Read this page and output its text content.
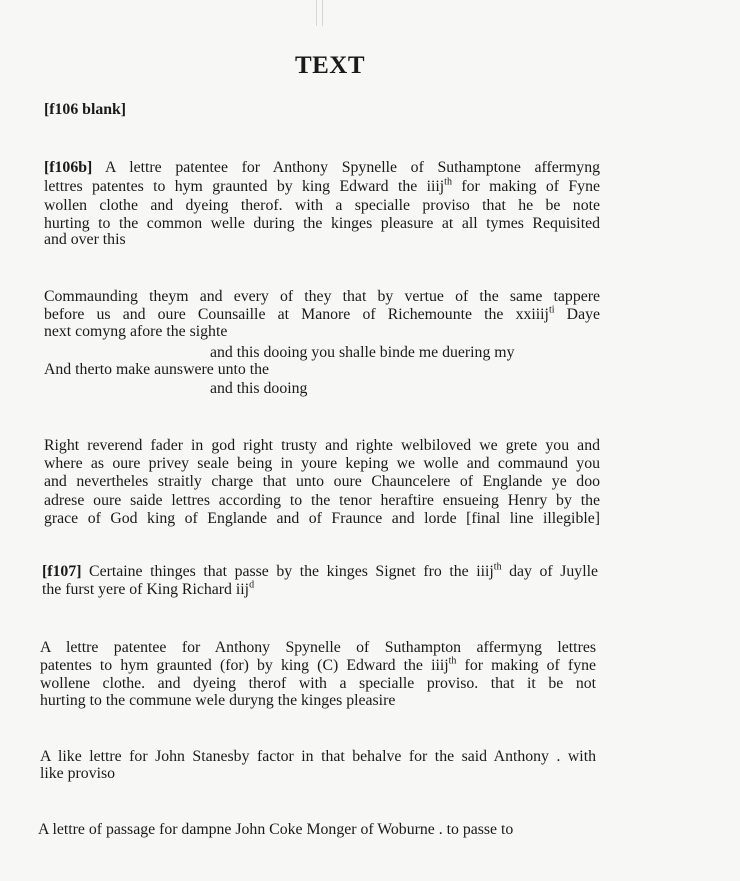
TEXT
[f106 blank]
[f106b] A lettre patentee for Anthony Spynelle of Suthamptone affermyng
lettres patentes to hym graunted by king Edward the iiij$^{th}$ for making of Fyne
wollen clothe and dyeing therof. with a specialle proviso that he be note
hurting to the common welle during the kinges pleasure at all tymes Requisited
and over this
Commaunding theym and every of they that by vertue of the same tappere
before us and oure Counsaille at Manore of Richemounte the xxiiij$^{ti}$ Daye
next comyng afore the sighte
and this dooing you shalle binde me duering my
And therto make aunswere unto the
and this dooing
Right reverend fader in god right trusty and righte welbiloved we grete you and
where as oure privey seale being in youre keping we wolle and commaund you
and nevertheles straitly charge that unto oure Chauncelere of Englande ye doo
adrese oure saide lettres according to the tenor heraftire ensueing Henry by the
grace of God king of Englande and of Fraunce and lorde [final line illegible]
[f107] Certaine thinges that passe by the kinges Signet fro the iiij$^{th}$ day of Juylle
the furst yere of King Richard iij$^d$
A lettre patentee for Anthony Spynelle of Suthampton affermyng lettres
patentes to hym graunted (for) by king (C) Edward the iiij$^{th}$ for making of fyne
wollene clothe. and dyeing therof with a specialle proviso. that it be not
hurting to the commune wele duryng the kinges pleasire
A like lettre for John Stanesby factor in that behalve for the said Anthony . with
like proviso
A lettre of passage for dampne John Coke Monger of Woburne . to passe to
